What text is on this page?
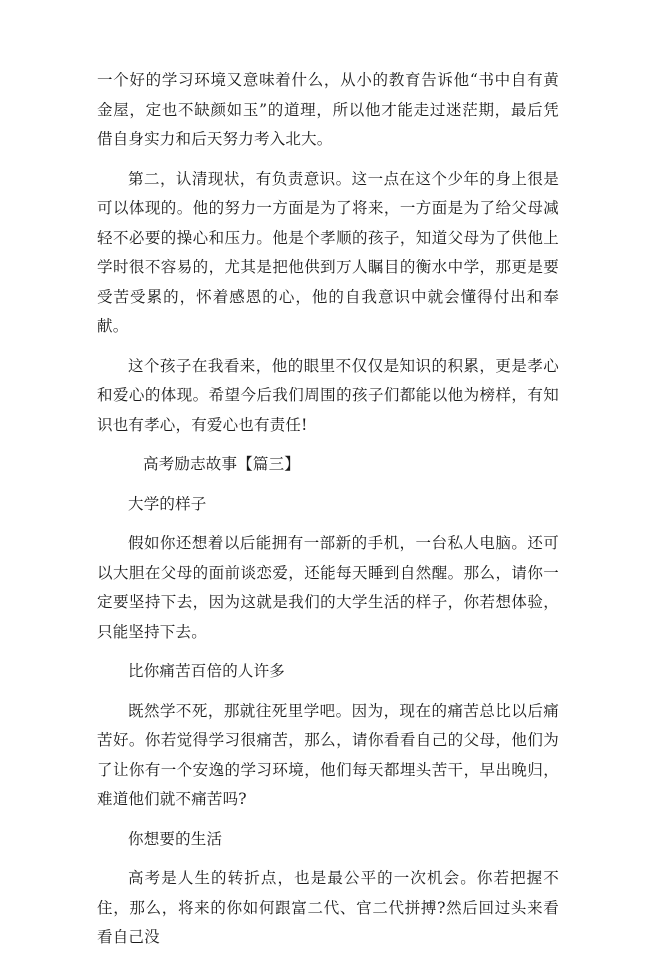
一个好的学习环境又意味着什么，从小的教育告诉他“书中自有黄金屋，定也不缺颜如玉”的道理，所以他才能走过迷茫期，最后凭借自身实力和后天努力考入北大。

第二，认清现状，有负责意识。这一点在这个少年的身上很是可以体现的。他的努力一方面是为了将来，一方面是为了给父母减轻不必要的操心和压力。他是个孝顺的孩子，知道父母为了供他上学时很不容易的，尤其是把他供到万人瞩目的衡水中学，那更是要受苦受累的，怀着感恩的心，他的自我意识中就会懂得付出和奉献。

这个孩子在我看来，他的眼里不仅仅是知识的积累，更是孝心和爱心的体现。希望今后我们周围的孩子们都能以他为榜样，有知识也有孝心，有爱心也有责任!

高考励志故事【篇三】

大学的样子

假如你还想着以后能拥有一部新的手机，一台私人电脑。还可以大胆在父母的面前谈恋爱，还能每天睡到自然醒。那么，请你一定要坚持下去，因为这就是我们的大学生活的样子，你若想体验，只能坚持下去。

比你痛苦百倍的人许多

既然学不死，那就往死里学吧。因为，现在的痛苦总比以后痛苦好。你若觉得学习很痛苦，那么，请你看看自己的父母，他们为了让你有一个安逸的学习环境，他们每天都埋头苦干，早出晚归，难道他们就不痛苦吗?

你想要的生活

高考是人生的转折点，也是最公平的一次机会。你若把握不住，那么，将来的你如何跟富二代、官二代拼搏?然后回过头来看看自己没
